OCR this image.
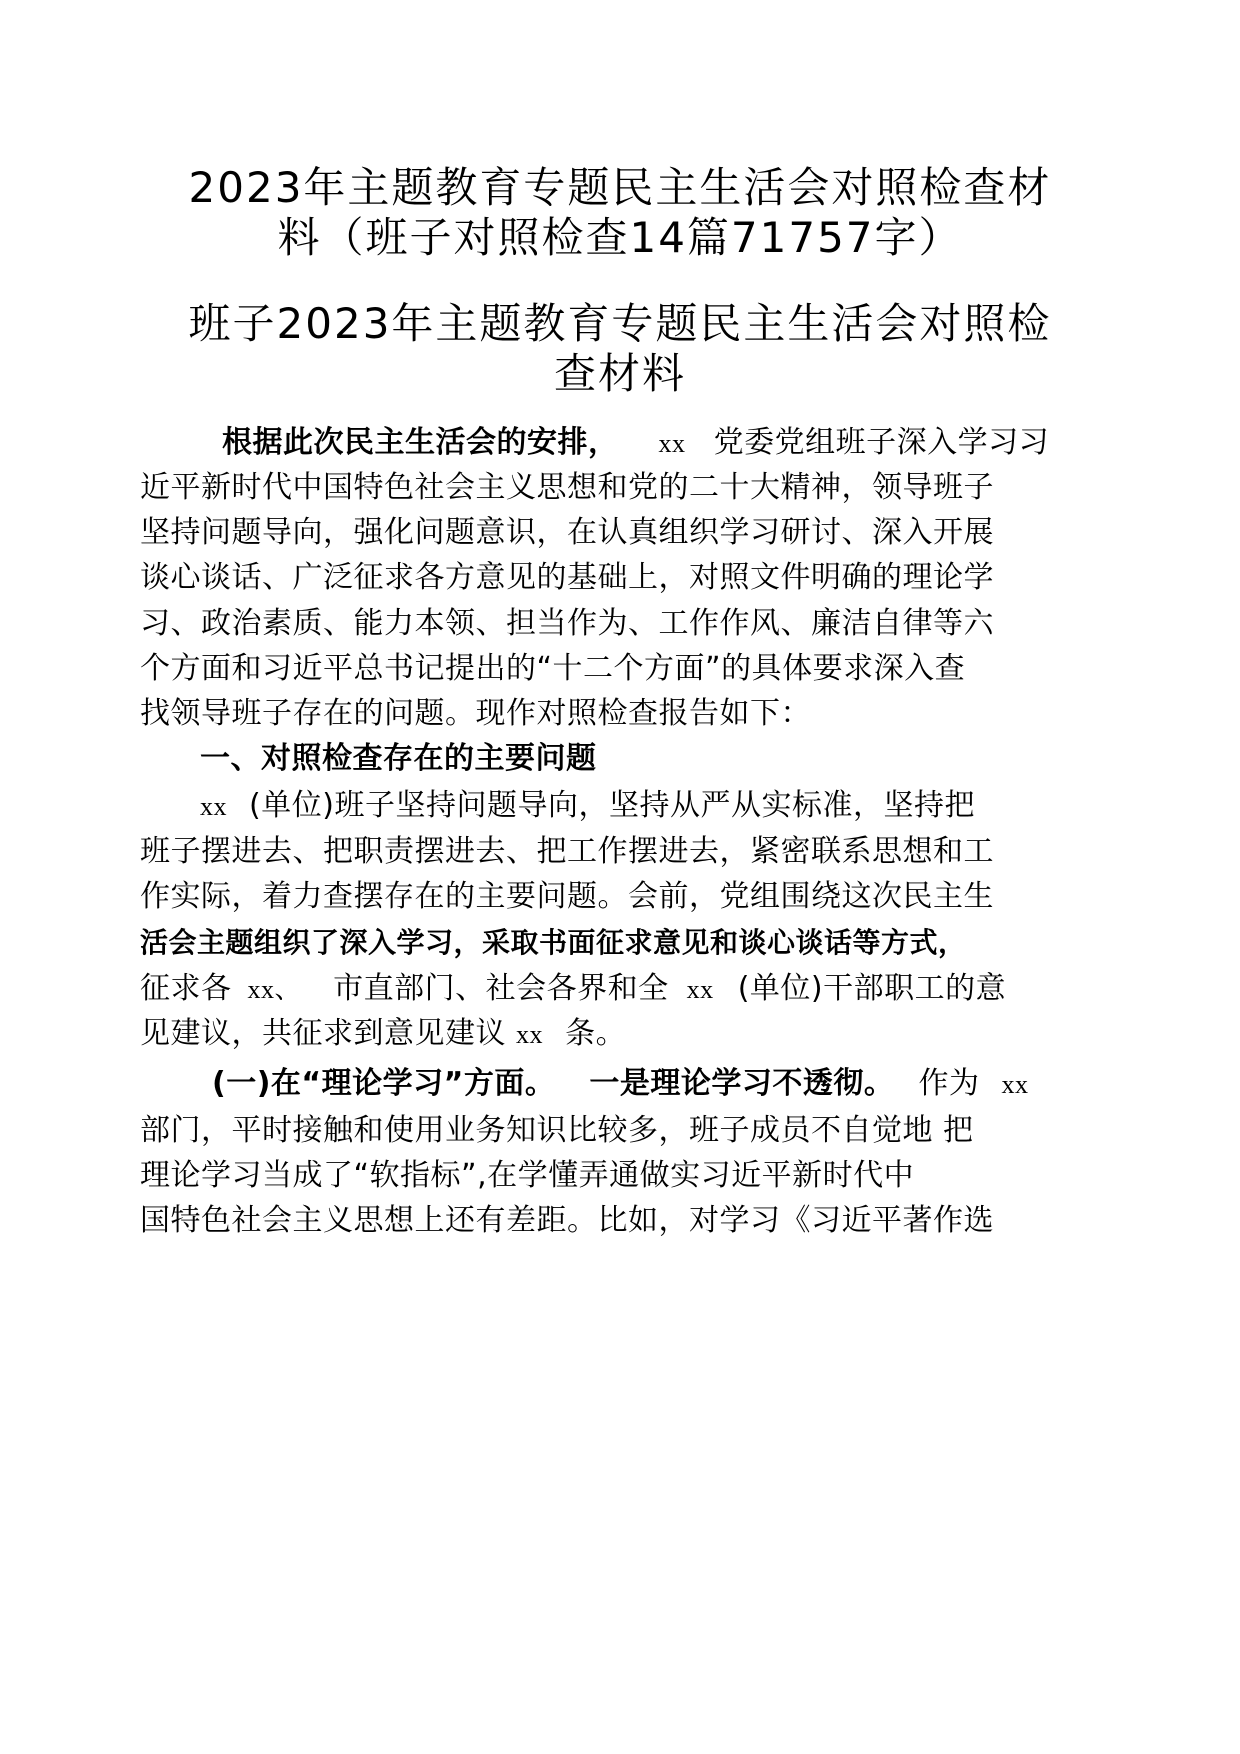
2023年主题教育专题民主生活会对照检查材
料（班子对照检查14篇71757字）
班子2023年主题教育专题民主生活会对照检
查材料
根据此次民主生活会的安排， xx 党委党组班子深入学习习
近平新时代中国特色社会主义思想和党的二十大精神，领导班子
坚持问题导向，强化问题意识，在认真组织学习研讨、深入开展
谈心谈话、广泛征求各方意见的基础上，对照文件明确的理论学
习、政治素质、能力本领、担当作为、工作作风、廉洁自律等六
个方面和习近平总书记提出的“十二个方面”的具体要求深入查
找领导班子存在的问题。现作对照检查报告如下：
一、对照检查存在的主要问题
xx (单位)班子坚持问题导向，坚持从严从实标准，坚持把
班子摆进去、把职责摆进去、把工作摆进去，紧密联系思想和工
作实际，着力查摆存在的主要问题。会前，党组围绕这次民主生
活会主题组织了深入学习，采取书面征求意见和谈心谈话等方式，
征求各 xx、 市直部门、社会各界和全 xx (单位)干部职工的意
见建议，共征求到意见建议 xx 条。
(一)在“理论学习”方面。 一是理论学习不透彻。 作为 xx
部门，平时接触和使用业务知识比较多，班子成员不自觉地 把
理论学习当成了“软指标”,在学懂弄通做实习近平新时代中
国特色社会主义思想上还有差距。比如，对学习《习近平著作选
